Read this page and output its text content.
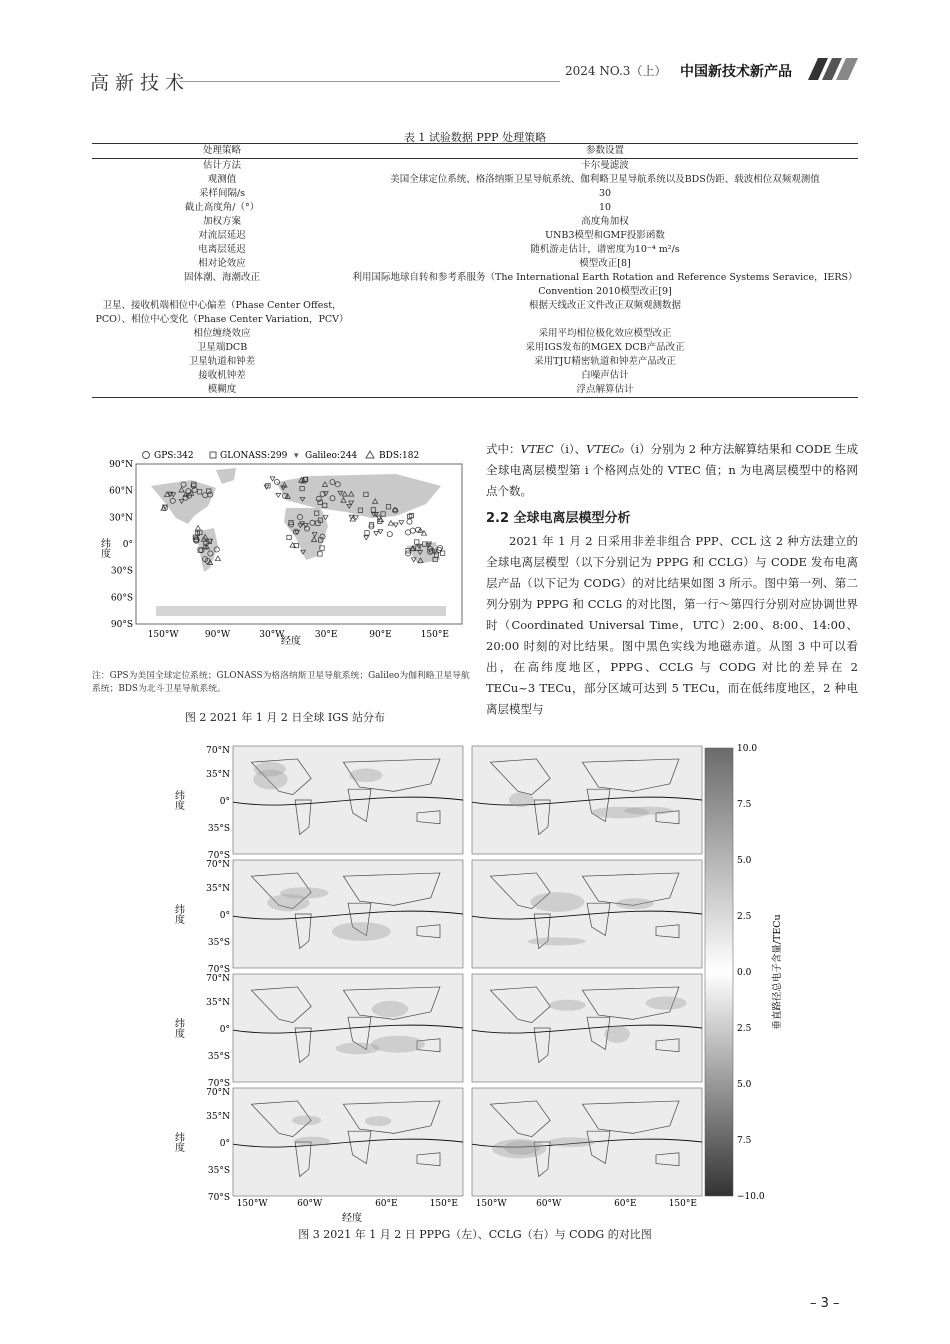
高新技术
2024 NO.3（上） 中国新技术新产品
表 1 试验数据 PPP 处理策略
处理策略	参数设置
估计方法	卡尔曼滤波
观测值	美国全球定位系统、格洛纳斯卫星导航系统、伽利略卫星导航系统以及BDS伪距、载波相位双频观测值
采样间隔/s	30
截止高度角/（°）	10
加权方案	高度角加权
对流层延迟	UNB3模型和GMF投影函数
电离层延迟	随机游走估计，谱密度为10⁻⁴ m²/s
相对论效应	模型改正[8]
固体潮、海潮改正	利用国际地球自转和参考系服务（The International Earth Rotation and Reference Systems Seravice，IERS）Convention 2010模型改正[9]
卫星、接收机端相位中心偏差（Phase Center Offest，PCO）、相位中心变化（Phase Center Variation，PCV）	根据天线改正文件改正双频观测数据
相位缠绕效应	采用平均相位极化效应模型改正
卫星端DCB	采用IGS发布的MGEX DCB产品改正
卫星轨道和钟差	采用TJU精密轨道和钟差产品改正
接收机钟差	白噪声估计
模糊度	浮点解算估计
纬度
GPS:342	GLONASS:299 ▾ Galileo:244 BDS:182
90°N
60°N
30°N
0°
30°S
60°S
90°S
150°W	90°W	30°W	30°E	90°E	150°E
经度
注：GPS为美国全球定位系统；GLONASS为格洛纳斯卫星导航系统；Galileo为伽利略卫星导航系统；BDS为北斗卫星导航系统。
图 2 2021 年 1 月 2 日全球 IGS 站分布

式中：VTEC（i）、VTEC₀（i）分别为 2 种方法解算结果和 CODE 生成全球电离层模型第 i 个格网点处的 VTEC 值；n 为电离层模型中的格网点个数。

2.2 全球电离层模型分析

2021 年 1 月 2 日采用非差非组合 PPP、CCL 这 2 种方法建立的全球电离层模型（以下分别记为 PPPG 和 CCLG）与 CODE 发布电离层产品（以下记为 CODG）的对比结果如图 3 所示。图中第一列、第二列分别为 PPPG 和 CCLG 的对比图，第一行～第四行分别对应协调世界时（Coordinated Universal Time，UTC）2:00、8:00、14:00、20:00 时刻的对比结果。图中黑色实线为地磁赤道。从图 3 中可以看出，在高纬度地区，PPPG、CCLG 与 CODG 对比的差异在 2 TECu~3 TECu，部分区域可达到 5 TECu，而在低纬度地区，2 种电离层模型与

70°N
35°N
0°
35°S
70°S
纬度
70°N
35°N
0°
35°S
70°S
纬度
70°N
35°N
0°
35°S
70°S
纬度
70°N
35°N
0°
35°S
70°S
纬度
150°W	60°W	60°E	150°E 150°W	60°W	60°E	150°E
经度
10.0
7.5
5.0
2.5
0.0
2.5
5.0
7.5
−10.0
垂直路径总电子含量/TECu
图 3 2021 年 1 月 2 日 PPPG（左）、CCLG（右）与 CODG 的对比图
– 3 –
